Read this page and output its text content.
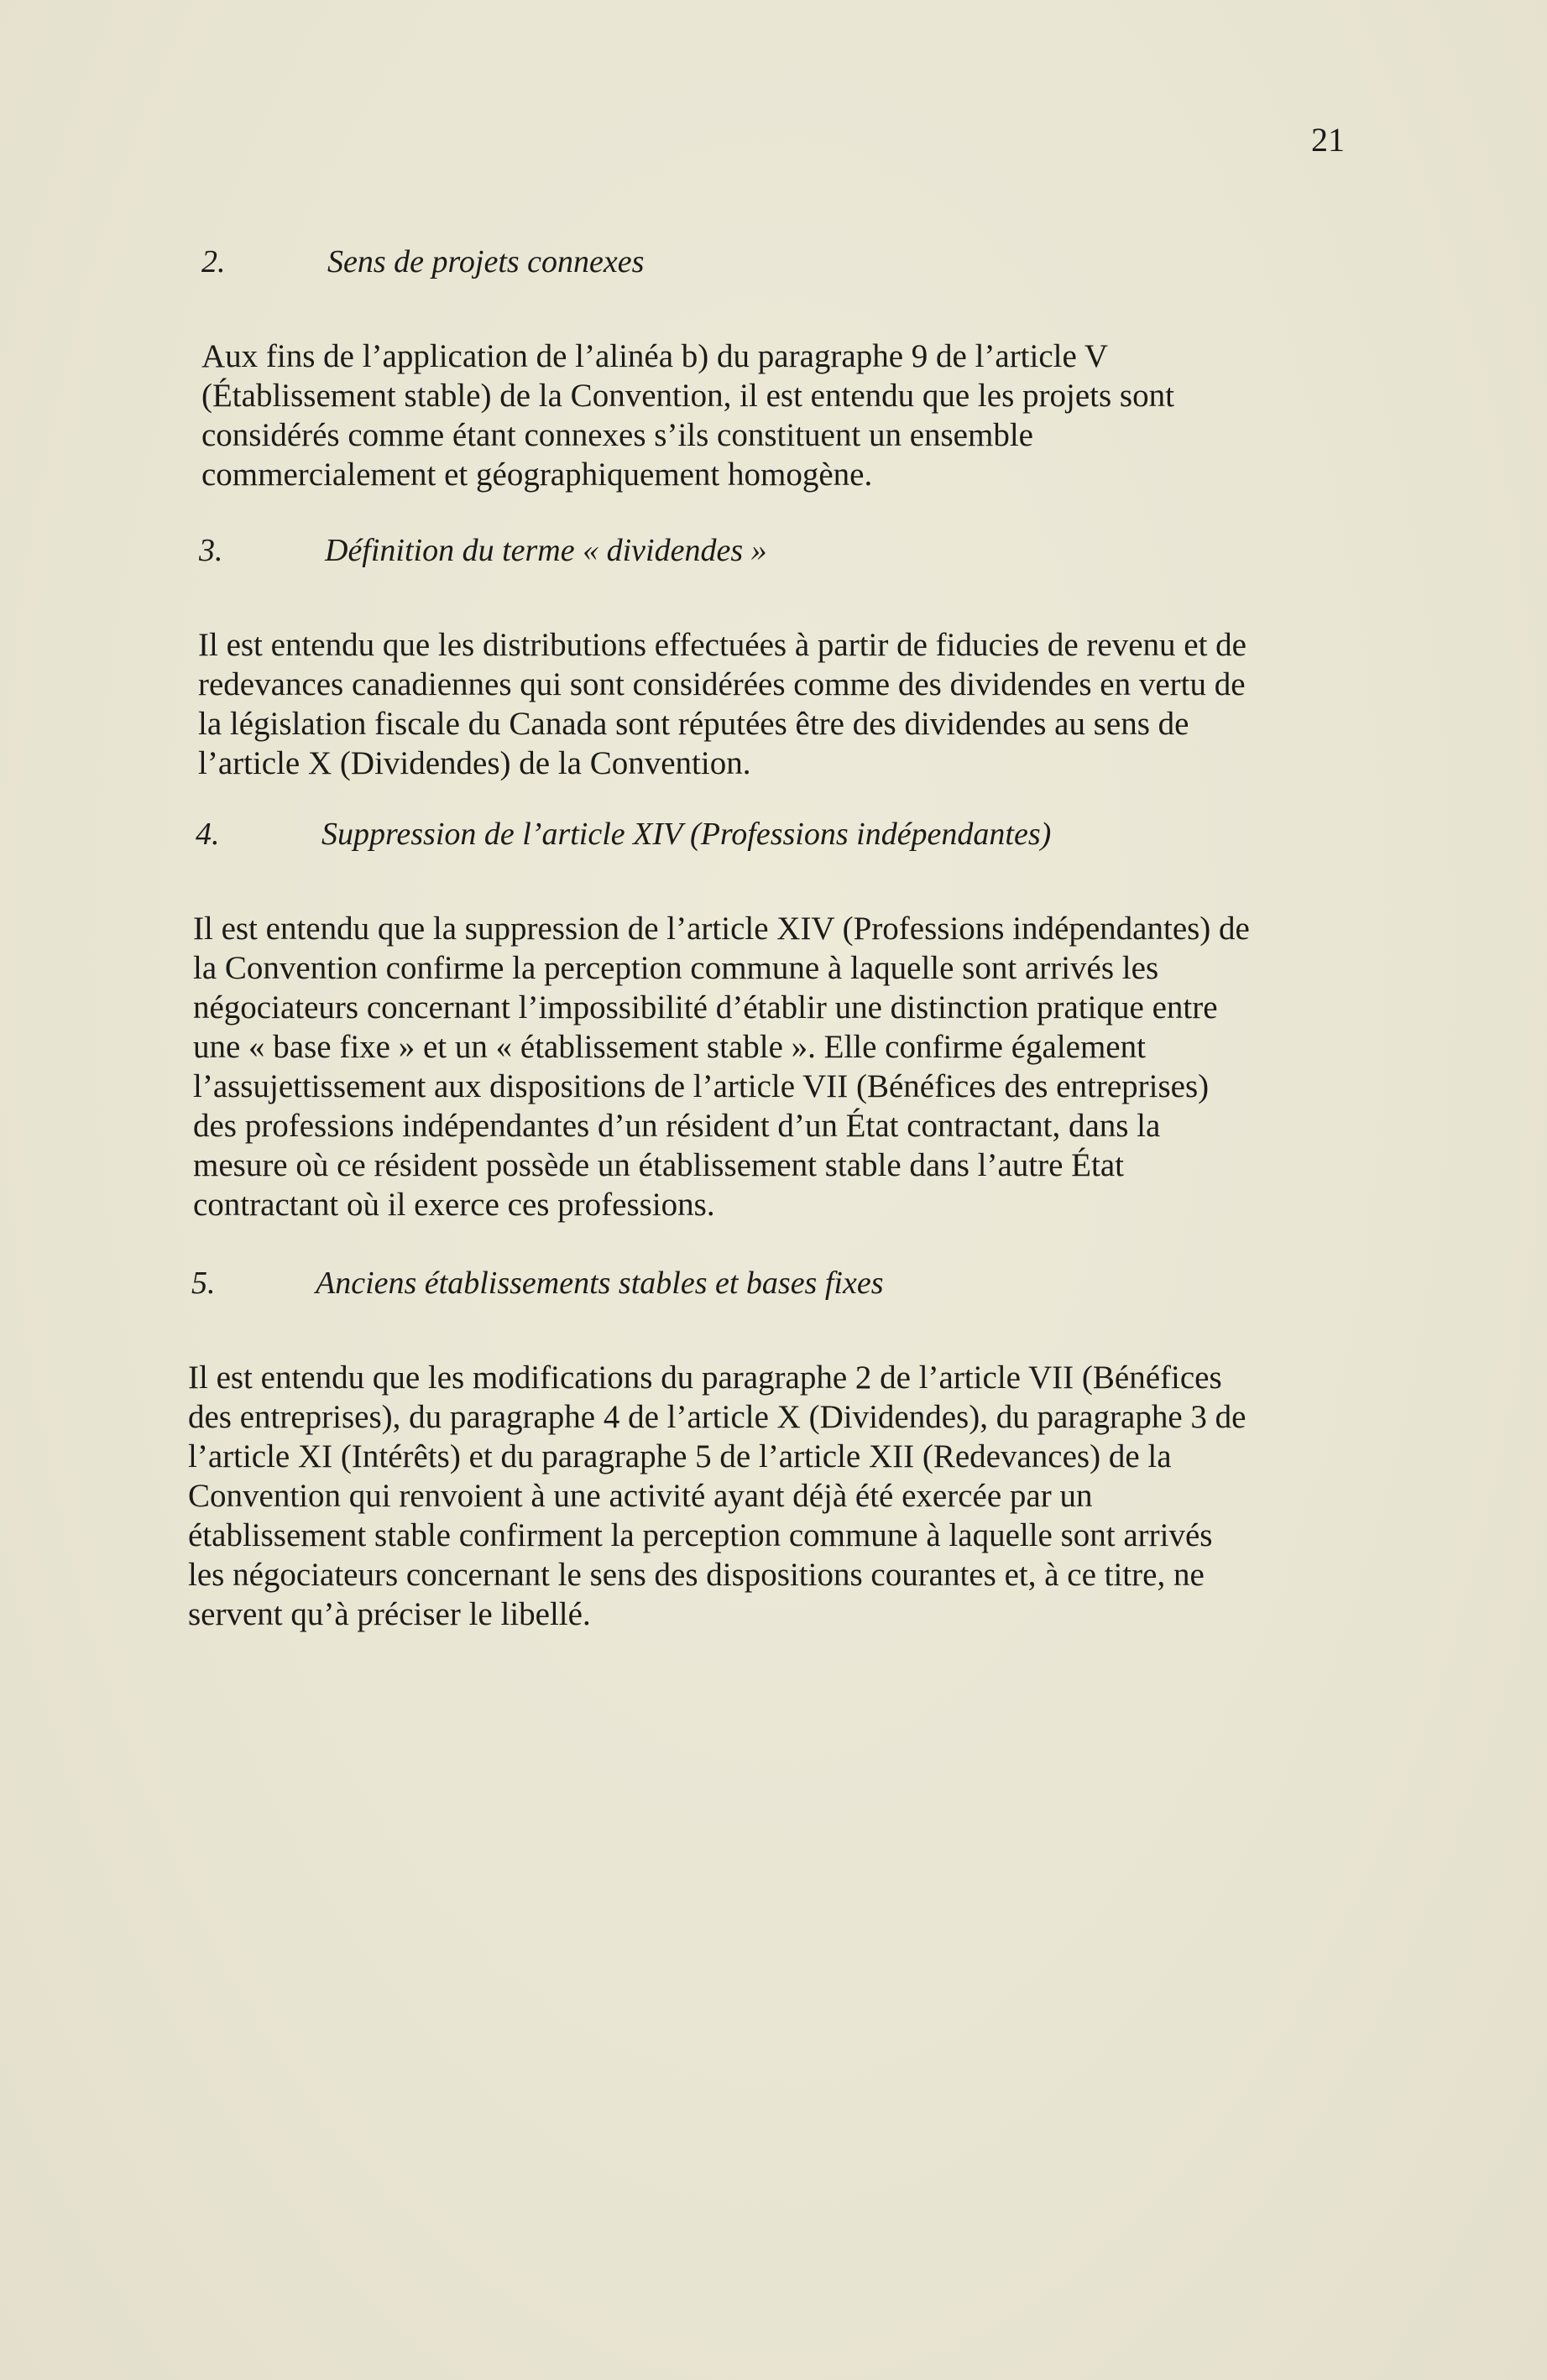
21
2.	Sens de projets connexes
Aux fins de l’application de l’alinéa b) du paragraphe 9 de l’article V
(Établissement stable) de la Convention, il est entendu que les projets sont
considérés comme étant connexes s’ils constituent un ensemble
commercialement et géographiquement homogène.
3.	Définition du terme « dividendes »
Il est entendu que les distributions effectuées à partir de fiducies de revenu et de
redevances canadiennes qui sont considérées comme des dividendes en vertu de
la législation fiscale du Canada sont réputées être des dividendes au sens de
l’article X (Dividendes) de la Convention.
4.	Suppression de l’article XIV (Professions indépendantes)
Il est entendu que la suppression de l’article XIV (Professions indépendantes) de
la Convention confirme la perception commune à laquelle sont arrivés les
négociateurs concernant l’impossibilité d’établir une distinction pratique entre
une « base fixe » et un « établissement stable ». Elle confirme également
l’assujettissement aux dispositions de l’article VII (Bénéfices des entreprises)
des professions indépendantes d’un résident d’un État contractant, dans la
mesure où ce résident possède un établissement stable dans l’autre État
contractant où il exerce ces professions.
5.	Anciens établissements stables et bases fixes
Il est entendu que les modifications du paragraphe 2 de l’article VII (Bénéfices
des entreprises), du paragraphe 4 de l’article X (Dividendes), du paragraphe 3 de
l’article XI (Intérêts) et du paragraphe 5 de l’article XII (Redevances) de la
Convention qui renvoient à une activité ayant déjà été exercée par un
établissement stable confirment la perception commune à laquelle sont arrivés
les négociateurs concernant le sens des dispositions courantes et, à ce titre, ne
servent qu’à préciser le libellé.
